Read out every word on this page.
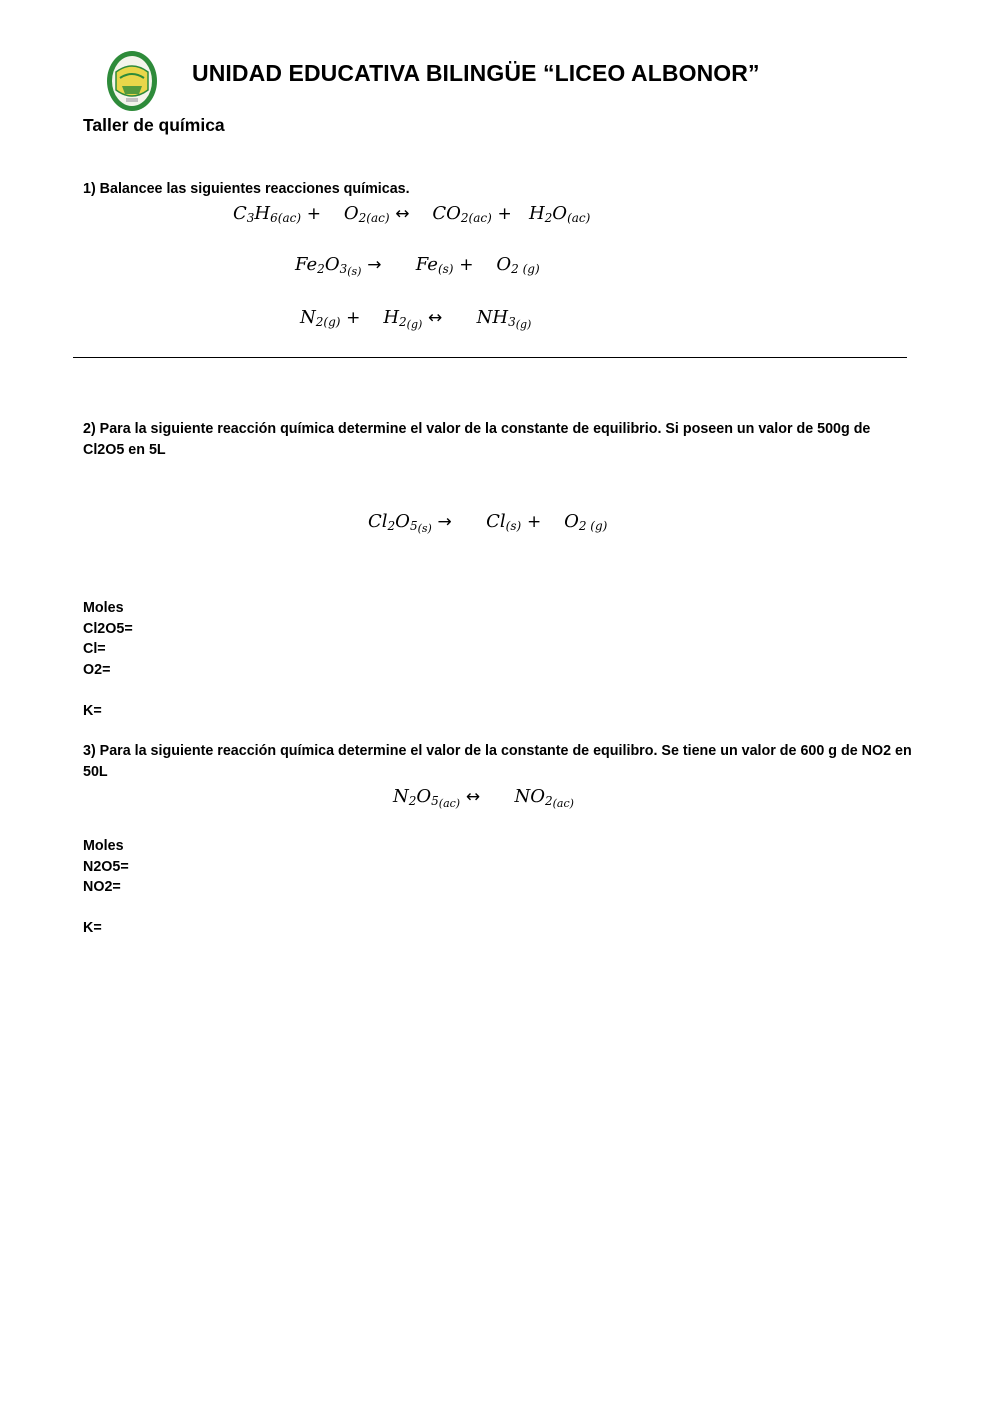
UNIDAD EDUCATIVA BILINGÜE “LICEO ALBONOR”
Taller de química
1) Balancee las siguientes reacciones químicas.
$C_3H_{6(ac)} + O_{2(ac)}$ ↔ $CO_{2(ac)} + H_2O_{(ac)}$
$Fe_2O_{3_{(s)}} \to Fe_{(s)} + O_{2 (g)}$
$N_{2(g)} + H_{2_{(g)}}$ ↔ $NH_{3_{(g)}}$
2) Para la siguiente reacción química determine el valor de la constante de equilibrio. Si poseen un valor de 500g de Cl2O5 en 5L
$Cl_2O_{5_{(s)}} \to Cl_{(s)} + O_{2 (g)}$
Moles
Cl2O5=
Cl=
O2=
K=
3) Para la siguiente reacción química determine el valor de la constante de equilibro. Se tiene un valor de 600 g de NO2 en 50L
$N_2O_{5_{(ac)}}$ ↔ $NO_{2_{(ac)}}$
Moles
N2O5=
NO2=
K=
